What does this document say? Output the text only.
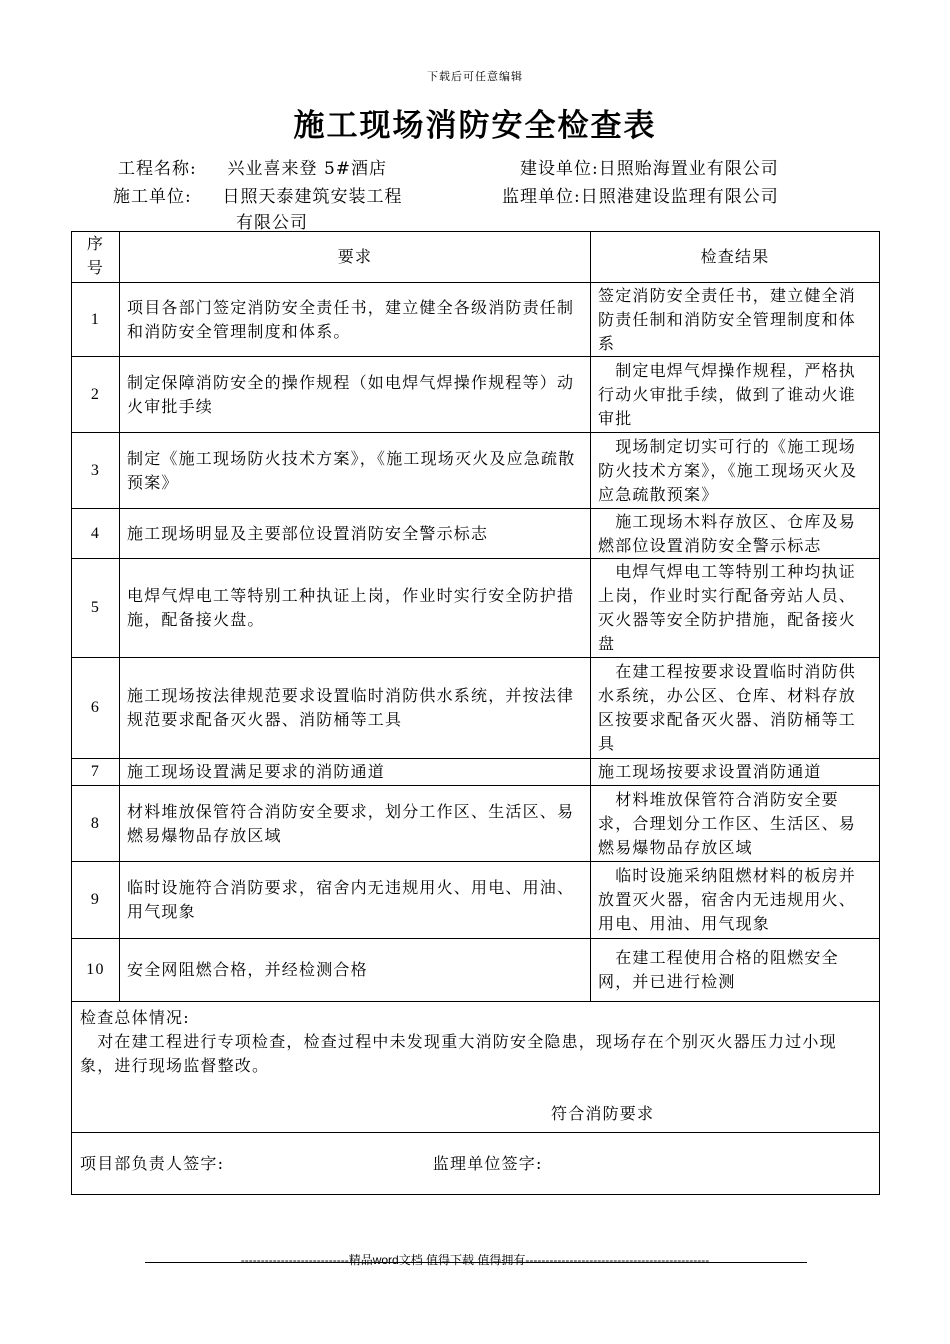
下载后可任意编辑
施工现场消防安全检查表
工程名称: 兴业喜来登 5#酒店	建设单位:日照贻海置业有限公司
施工单位: 日照天泰建筑安装工程
有限公司
监理单位:日照港建设监理有限公司
序
号	要求	检查结果
1	项目各部门签定消防安全责任书，建立健全各级消防责任制和消防安全管理制度和体系。	签定消防安全责任书，建立健全消防责任制和消防安全管理制度和体系
2	制定保障消防安全的操作规程（如电焊气焊操作规程等）动火审批手续	　制定电焊气焊操作规程，严格执行动火审批手续，做到了谁动火谁审批
3	制定《施工现场防火技术方案》，《施工现场灭火及应急疏散预案》	　现场制定切实可行的《施工现场防火技术方案》，《施工现场灭火及应急疏散预案》
4	施工现场明显及主要部位设置消防安全警示标志	　施工现场木料存放区、仓库及易燃部位设置消防安全警示标志
5	电焊气焊电工等特别工种执证上岗，作业时实行安全防护措施，配备接火盘。	　电焊气焊电工等特别工种均执证上岗，作业时实行配备旁站人员、灭火器等安全防护措施，配备接火盘
6	施工现场按法律规范要求设置临时消防供水系统，并按法律规范要求配备灭火器、消防桶等工具	　在建工程按要求设置临时消防供水系统，办公区、仓库、材料存放区按要求配备灭火器、消防桶等工具
7	施工现场设置满足要求的消防通道	施工现场按要求设置消防通道
8	材料堆放保管符合消防安全要求，划分工作区、生活区、易燃易爆物品存放区域	　材料堆放保管符合消防安全要求，合理划分工作区、生活区、易燃易爆物品存放区域
9	临时设施符合消防要求，宿舍内无违规用火、用电、用油、用气现象	　临时设施采纳阻燃材料的板房并放置灭火器，宿舍内无违规用火、用电、用油、用气现象
10	安全网阻燃合格，并经检测合格	　在建工程使用合格的阻燃安全网，并已进行检测

检查总体情况:
　对在建工程进行专项检查，检查过程中未发现重大消防安全隐患，现场存在个别灭火器压力过小现象，进行现场监督整改。
符合消防要求		

项目部负责人签字: 监理单位签字:		
---------------------------精品word文档 值得下载 值得拥有----------------------------------------------
